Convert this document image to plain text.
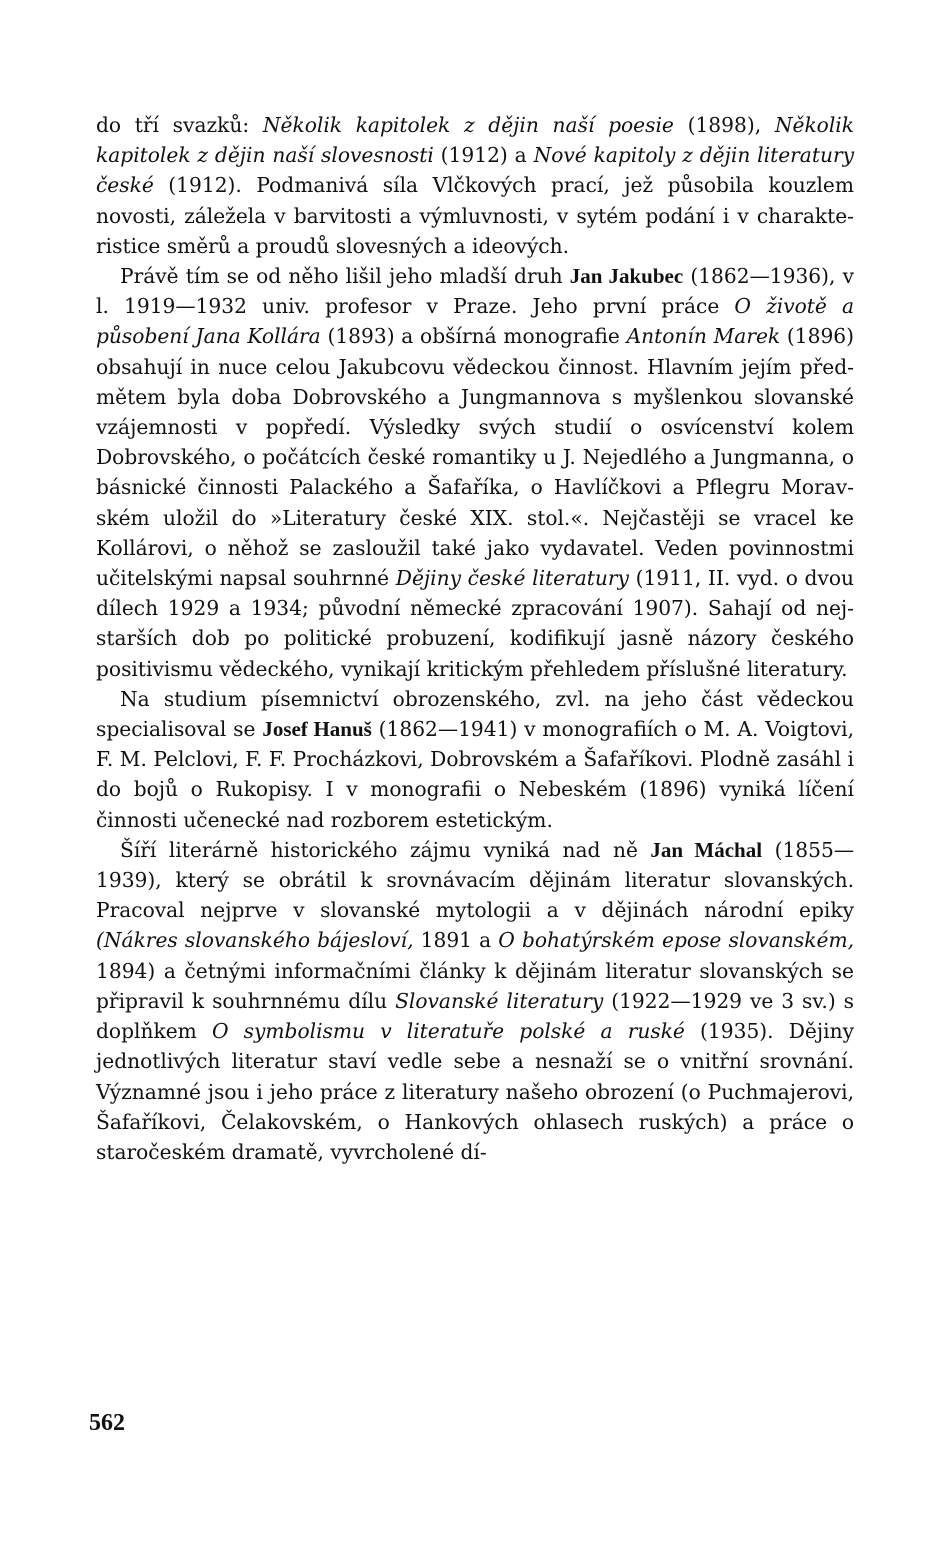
do tří svazků: Několik kapitolek z dějin naší poesie (1898), Několik kapitolek z dějin naší slovesnosti (1912) a Nové kapitoly z dějin literatury české (1912). Podmanivá síla Vlčkových prací, jež působila kouzlem novosti, záležela v barvitosti a výmluvnosti, v sytém podání i v charakteristice směrů a proudů slovesných a ideových.

Právě tím se od něho lišil jeho mladší druh Jan Jakubec (1862—1936), v l. 1919—1932 univ. profesor v Praze. Jeho první práce O životě a působení Jana Kollára (1893) a obšírná monografie Antonín Marek (1896) obsahují in nuce celou Jakubcovu vědeckou činnost. Hlavním jejím předmětem byla doba Dobrovského a Jungmannova s myšlenkou slovanské vzájemnosti v popředí. Výsledky svých studií o osvícenství kolem Dobrovského, o počátcích české romantiky u J. Nejedlého a Jungmanna, o básnické činnosti Palackého a Šafaříka, o Havlíčkovi a Pflegru Moravském uložil do »Literatury české XIX. stol.«. Nejčastěji se vracel ke Kollárovi, o něhož se zasloužil také jako vydavatel. Veden povinnostmi učitelskými napsal souhrnné Dějiny české literatury (1911, II. vyd. o dvou dílech 1929 a 1934; původní německé zpracování 1907). Sahají od nejstarších dob po politické probuzení, kodifikují jasně názory českého positivismu vědeckého, vynikají kritickým přehledem příslušné literatury.

Na studium písemnictví obrozenského, zvl. na jeho část vědeckou specialisoval se Josef Hanuš (1862—1941) v monografiích o M. A. Voigtovi, F. M. Pelclovi, F. F. Procházkovi, Dobrovském a Šafaříkovi. Plodně zasáhl i do bojů o Rukopisy. I v monografii o Nebeském (1896) vyniká líčení činnosti učenecké nad rozborem estetickým.

Šíří literárně historického zájmu vyniká nad ně Jan Máchal (1855—1939), který se obrátil k srovnávacím dějinám literatur slovanských. Pracoval nejprve v slovanské mytologii a v dějinách národní epiky (Nákres slovanského bájesloví, 1891 a O bohatýrském epose slovanském, 1894) a četnými informačními články k dějinám literatur slovanských se připravil k souhrnnému dílu Slovanské literatury (1922—1929 ve 3 sv.) s doplňkem O symbolismu v literatuře polské a ruské (1935). Dějiny jednotlivých literatur staví vedle sebe a nesnaží se o vnitřní srovnání. Významné jsou i jeho práce z literatury našeho obrození (o Puchmajerovi, Šafaříkovi, Čelakovském, o Hankových ohlasech ruských) a práce o staročeském dramatě, vyvrcholené dí-

562
